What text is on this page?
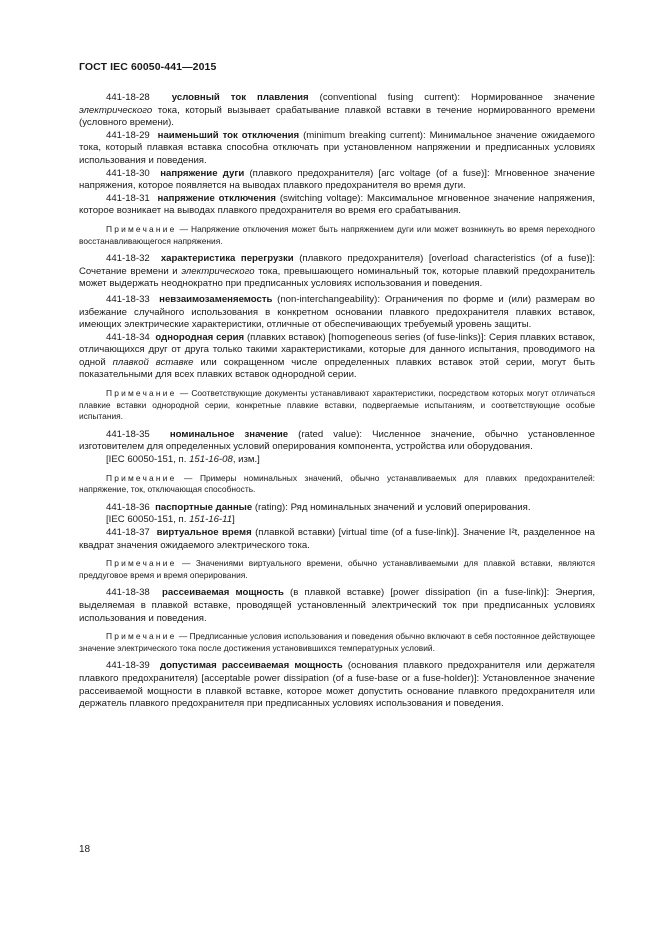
ГОСТ IEC 60050-441—2015

441-18-28 условный ток плавления (conventional fusing current): Нормированное значение электрического тока, который вызывает срабатывание плавкой вставки в течение нормированного времени (условного времени).

441-18-29 наименьший ток отключения (minimum breaking current): Минимальное значение ожидаемого тока, который плавкая вставка способна отключать при установленном напряжении и предписанных условиях использования и поведения.

441-18-30 напряжение дуги (плавкого предохранителя) [arc voltage (of a fuse)]: Мгновенное значение напряжения, которое появляется на выводах плавкого предохранителя во время дуги.

441-18-31 напряжение отключения (switching voltage): Максимальное мгновенное значение напряжения, которое возникает на выводах плавкого предохранителя во время его срабатывания.

Примечание — Напряжение отключения может быть напряжением дуги или может возникнуть во время переходного восстанавливающегося напряжения.

441-18-32 характеристика перегрузки (плавкого предохранителя) [overload characteristics (of a fuse)]: Сочетание времени и электрического тока, превышающего номинальный ток, которые плавкий предохранитель может выдержать неоднократно при предписанных условиях использования и поведения.

441-18-33 невзаимозаменяемость (non-interchangeability): Ограничения по форме и (или) размерам во избежание случайного использования в конкретном основании плавкого предохранителя плавких вставок, имеющих электрические характеристики, отличные от обеспечивающих требуемый уровень защиты.

441-18-34 однородная серия (плавких вставок) [homogeneous series (of fuse-links)]: Серия плавких вставок, отличающихся друг от друга только такими характеристиками, которые для данного испытания, проводимого на одной плавкой вставке или сокращенном числе определенных плавких вставок этой серии, могут быть показательными для всех плавких вставок однородной серии.

Примечание — Соответствующие документы устанавливают характеристики, посредством которых могут отличаться плавкие вставки однородной серии, конкретные плавкие вставки, подвергаемые испытаниям, и соответствующие особые испытания.

441-18-35 номинальное значение (rated value): Численное значение, обычно установленное изготовителем для определенных условий оперирования компонента, устройства или оборудования.

[IEC 60050-151, п. 151-16-08, изм.]

Примечание — Примеры номинальных значений, обычно устанавливаемых для плавких предохранителей: напряжение, ток, отключающая способность.

441-18-36 паспортные данные (rating): Ряд номинальных значений и условий оперирования.

[IEC 60050-151, п. 151-16-11]

441-18-37 виртуальное время (плавкой вставки) [virtual time (of a fuse-link)]. Значение I²t, разделенное на квадрат значения ожидаемого электрического тока.

Примечание — Значениями виртуального времени, обычно устанавливаемыми для плавкой вставки, являются преддуговое время и время оперирования.

441-18-38 рассеиваемая мощность (в плавкой вставке) [power dissipation (in a fuse-link)]: Энергия, выделяемая в плавкой вставке, проводящей установленный электрический ток при предписанных условиях использования и поведения.

Примечание — Предписанные условия использования и поведения обычно включают в себя постоянное действующее значение электрического тока после достижения установившихся температурных условий.

441-18-39 допустимая рассеиваемая мощность (основания плавкого предохранителя или держателя плавкого предохранителя) [acceptable power dissipation (of a fuse-base or a fuse-holder)]: Установленное значение рассеиваемой мощности в плавкой вставке, которое может допустить основание плавкого предохранителя или держатель плавкого предохранителя при предписанных условиях использования и поведения.

18
